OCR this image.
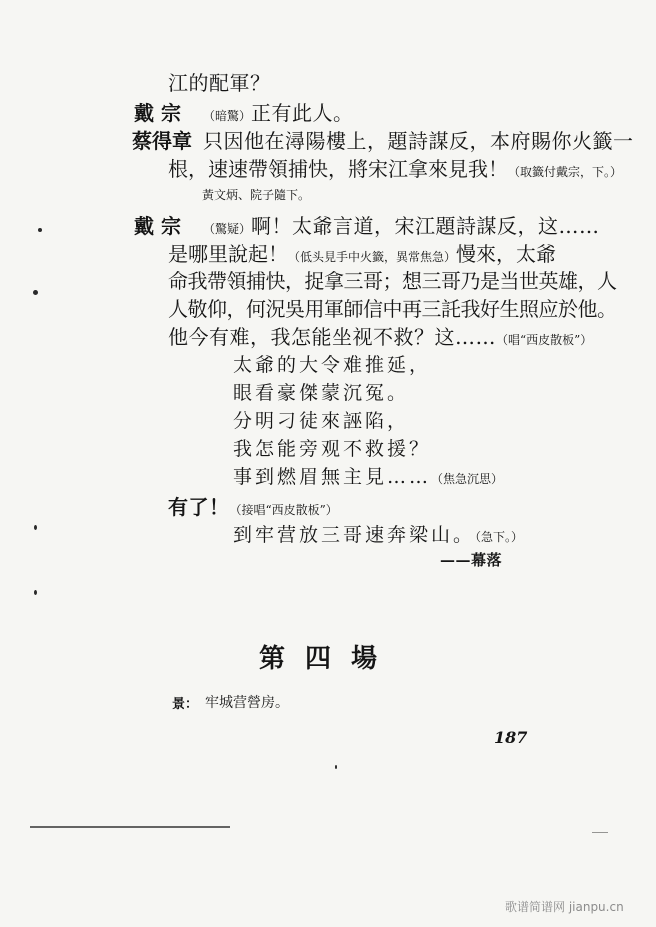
江的配軍？
戴 宗 （暗驚）正有此人。
蔡得章 只因他在潯陽樓上，題詩謀反，本府賜你火籤一
根，速速帶領捕快，將宋江拿來見我！（取籤付戴宗，下。）
黃文炳、院子隨下。
戴 宗 （驚疑）啊！太爺言道，宋江題詩謀反，这……
是哪里說起！（低头見手中火籤，異常焦急）慢來，太爺
命我帶領捕快，捉拿三哥；想三哥乃是当世英雄，人
人敬仰，何況吳用軍師信中再三託我好生照应於他。
他今有难，我怎能坐视不救？这……（唱“西皮散板”）
太爺的大令难推延，
眼看豪傑蒙沉冤。
分明刁徒來誣陷，
我怎能旁观不救援？
事到燃眉無主見……（焦急沉思）
有了！（接唱“西皮散板”）
到牢营放三哥速奔梁山。（急下。）
——幕落
第四場
景： 牢城营營房。
187
歌谱简谱网 jianpu.cn
